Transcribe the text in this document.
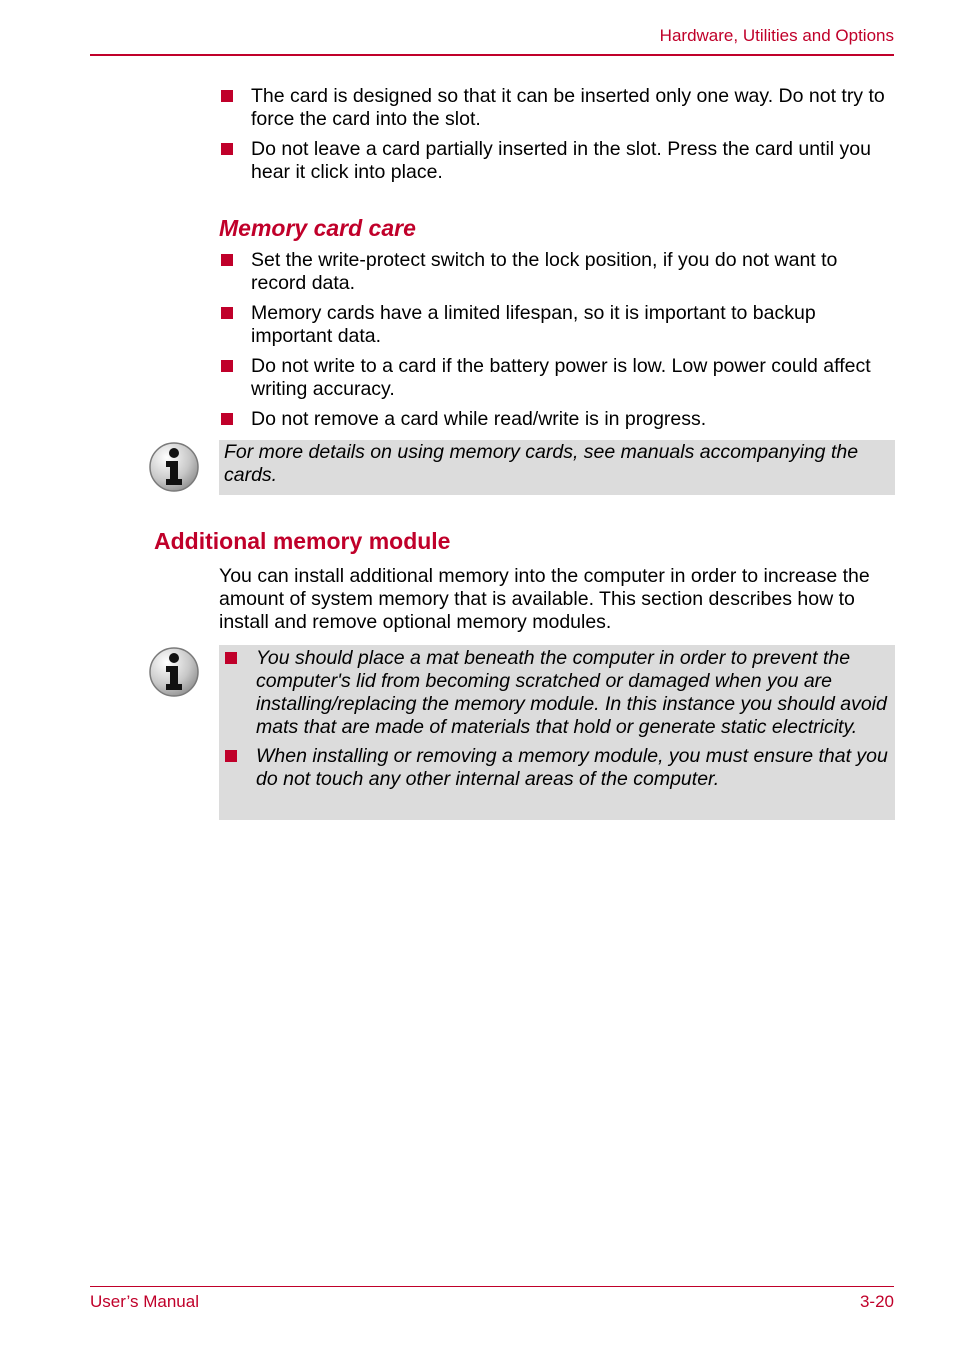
Hardware, Utilities and Options
The card is designed so that it can be inserted only one way. Do not try to force the card into the slot.
Do not leave a card partially inserted in the slot. Press the card until you hear it click into place.
Memory card care
Set the write-protect switch to the lock position, if you do not want to record data.
Memory cards have a limited lifespan, so it is important to backup important data.
Do not write to a card if the battery power is low. Low power could affect writing accuracy.
Do not remove a card while read/write is in progress.
For more details on using memory cards, see manuals accompanying the cards.
Additional memory module
You can install additional memory into the computer in order to increase the amount of system memory that is available. This section describes how to install and remove optional memory modules.
You should place a mat beneath the computer in order to prevent the computer's lid from becoming scratched or damaged when you are installing/replacing the memory module. In this instance you should avoid mats that are made of materials that hold or generate static electricity.
When installing or removing a memory module, you must ensure that you do not touch any other internal areas of the computer.
User’s Manual	3-20
